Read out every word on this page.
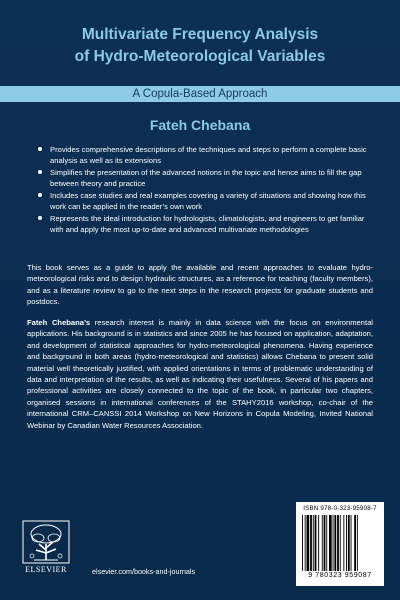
Multivariate Frequency Analysis
of Hydro-Meteorological Variables
A Copula-Based Approach
Fateh Chebana
Provides comprehensive descriptions of the techniques and steps to perform a complete basic analysis as well as its extensions
Simplifies the presentation of the advanced notions in the topic and hence aims to fill the gap between theory and practice
Includes case studies and real examples covering a variety of situations and showing how this work can be applied in the reader’s own work
Represents the ideal introduction for hydrologists, climatologists, and engineers to get familiar with and apply the most up-to-date and advanced multivariate methodologies

This book serves as a guide to apply the available and recent approaches to evaluate hydro-meteorological risks and to design hydraulic structures, as a reference for teaching (faculty members), and as a literature review to go to the next steps in the research projects for graduate students and postdocs.

Fateh Chebana’s research interest is mainly in data science with the focus on environmental applications. His background is in statistics and since 2005 he has focused on application, adaptation, and development of statistical approaches for hydro-meteorological phenomena. Having experience and background in both areas (hydro-meteorological and statistics) allows Chebana to present solid material well theoretically justified, with applied orientations in terms of problematic understanding of data and interpretation of the results, as well as indicating their usefulness. Several of his papers and professional activities are closely connected to the topic of the book, in particular two chapters, organised sessions in international conferences of the STAHY2016 workshop, co-chair of the international CRM–CANSSI 2014 Workshop on New Horizons in Copula Modeling, Invited National Webinar by Canadian Water Resources Association.

ELSEVIER	elsevier.com/books-and-journals
ISBN 978-0-323-95908-7
9 780323 959087
